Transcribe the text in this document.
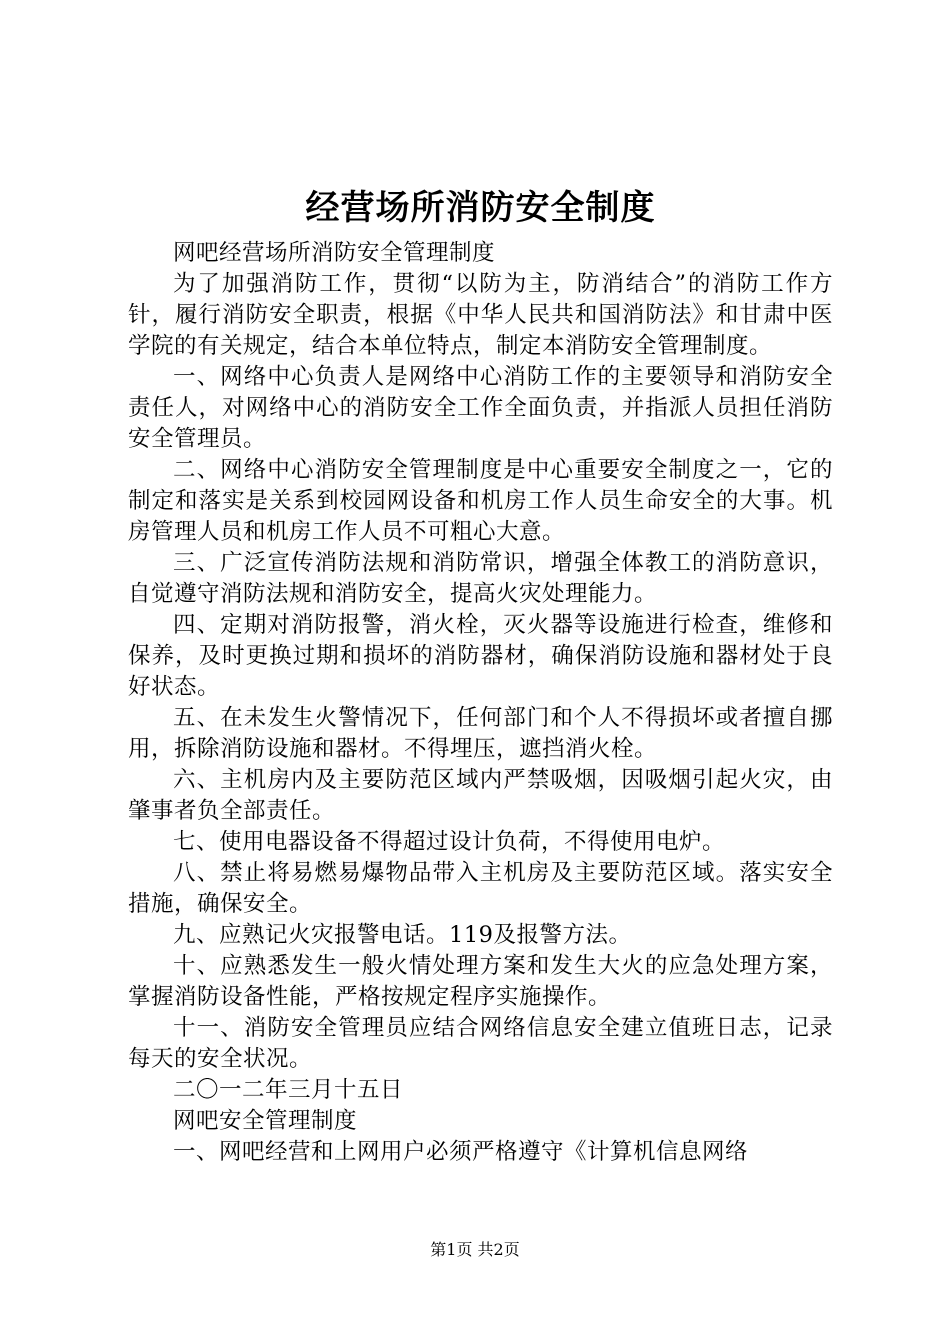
经营场所消防安全制度

网吧经营场所消防安全管理制度

为了加强消防工作，贯彻“以防为主，防消结合”的消防工作方针，履行消防安全职责，根据《中华人民共和国消防法》和甘肃中医学院的有关规定，结合本单位特点，制定本消防安全管理制度。

一、网络中心负责人是网络中心消防工作的主要领导和消防安全责任人，对网络中心的消防安全工作全面负责，并指派人员担任消防安全管理员。

二、网络中心消防安全管理制度是中心重要安全制度之一，它的制定和落实是关系到校园网设备和机房工作人员生命安全的大事。机房管理人员和机房工作人员不可粗心大意。

三、广泛宣传消防法规和消防常识，增强全体教工的消防意识，自觉遵守消防法规和消防安全，提高火灾处理能力。

四、定期对消防报警，消火栓，灭火器等设施进行检查，维修和保养，及时更换过期和损坏的消防器材，确保消防设施和器材处于良好状态。

五、在未发生火警情况下，任何部门和个人不得损坏或者擅自挪用，拆除消防设施和器材。不得埋压，遮挡消火栓。

六、主机房内及主要防范区域内严禁吸烟，因吸烟引起火灾，由肇事者负全部责任。

七、使用电器设备不得超过设计负荷，不得使用电炉。

八、禁止将易燃易爆物品带入主机房及主要防范区域。落实安全措施，确保安全。

九、应熟记火灾报警电话。119及报警方法。

十、应熟悉发生一般火情处理方案和发生大火的应急处理方案，掌握消防设备性能，严格按规定程序实施操作。

十一、消防安全管理员应结合网络信息安全建立值班日志，记录每天的安全状况。

二〇一二年三月十五日

网吧安全管理制度

一、网吧经营和上网用户必须严格遵守《计算机信息网络

第1页 共2页
